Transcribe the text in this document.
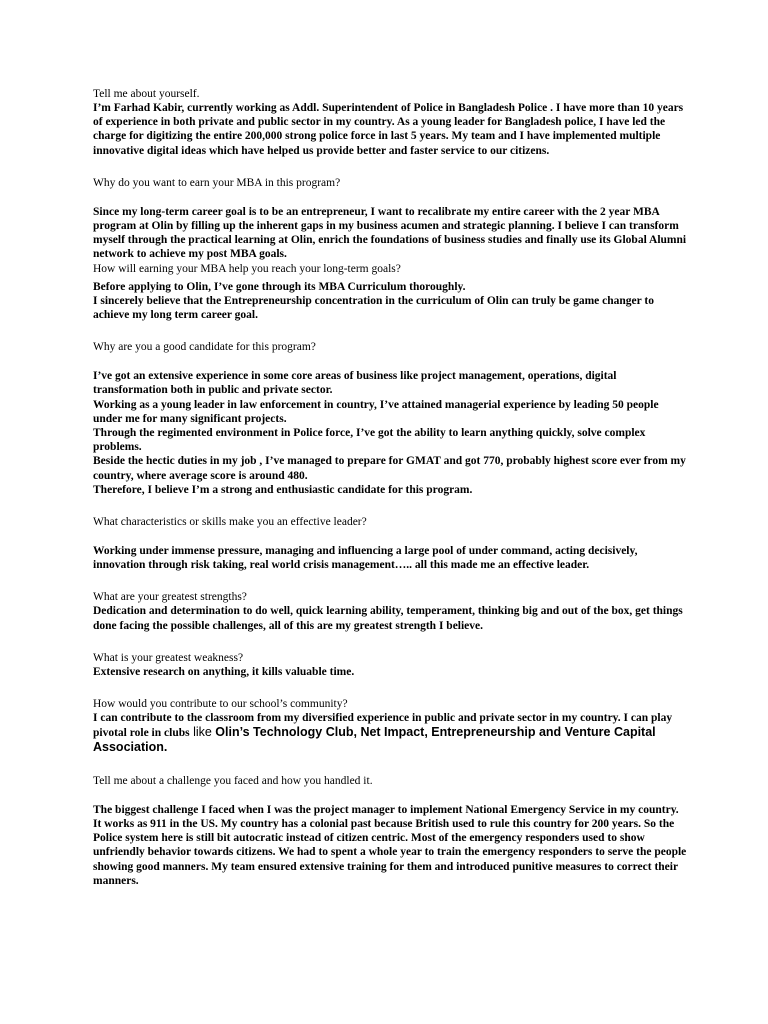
Tell me about yourself.

I’m Farhad Kabir, currently working as Addl. Superintendent of Police in Bangladesh Police . I have more than 10 years of experience in both private and public sector in my country. As a young leader for Bangladesh police, I have led the charge for digitizing the entire 200,000 strong police force in last 5 years. My team and I have implemented multiple innovative digital ideas which have helped us provide better and faster service to our citizens.

Why do you want to earn your MBA in this program?

Since my long-term career goal is to be an entrepreneur, I want to recalibrate my entire career with the 2 year MBA program at Olin by filling up the inherent gaps in my business acumen and strategic planning. I believe I can transform myself through the practical learning at Olin, enrich the foundations of business studies and finally use its Global Alumni network to achieve my post MBA goals.

How will earning your MBA help you reach your long-term goals?

Before applying to Olin, I’ve gone through its MBA Curriculum thoroughly.

I sincerely believe that the Entrepreneurship concentration in the curriculum of Olin can truly be game changer to achieve my long term career goal.

Why are you a good candidate for this program?

I’ve got an extensive experience in some core areas of business like project management, operations, digital transformation both in public and private sector.

Working as a young leader in law enforcement in country, I’ve attained managerial experience by leading 50 people under me for many significant projects.

Through the regimented environment in Police force, I’ve got the ability to learn anything quickly, solve complex problems.

Beside the hectic duties in my job , I’ve managed to prepare for GMAT and got 770, probably highest score ever from my country, where average score is around 480.

Therefore, I believe I’m a strong and enthusiastic candidate for this program.

What characteristics or skills make you an effective leader?

Working under immense pressure, managing and influencing a large pool of under command, acting decisively, innovation through risk taking, real world crisis management….. all this made me an effective leader.

What are your greatest strengths?

Dedication and determination to do well, quick learning ability, temperament, thinking big and out of the box, get things done facing the possible challenges, all of this are my greatest strength I believe.

What is your greatest weakness?

Extensive research on anything, it kills valuable time.

How would you contribute to our school’s community?

I can contribute to the classroom from my diversified experience in public and private sector in my country. I can play pivotal role in clubs like Olin’s Technology Club, Net Impact, Entrepreneurship and Venture Capital Association.

Tell me about a challenge you faced and how you handled it.

The biggest challenge I faced when I was the project manager to implement National Emergency Service in my country. It works as 911 in the US. My country has a colonial past because British used to rule this country for 200 years. So the Police system here is still bit autocratic instead of citizen centric. Most of the emergency responders used to show unfriendly behavior towards citizens. We had to spent a whole year to train the emergency responders to serve the people showing good manners. My team ensured extensive training for them and introduced punitive measures to correct their manners.
